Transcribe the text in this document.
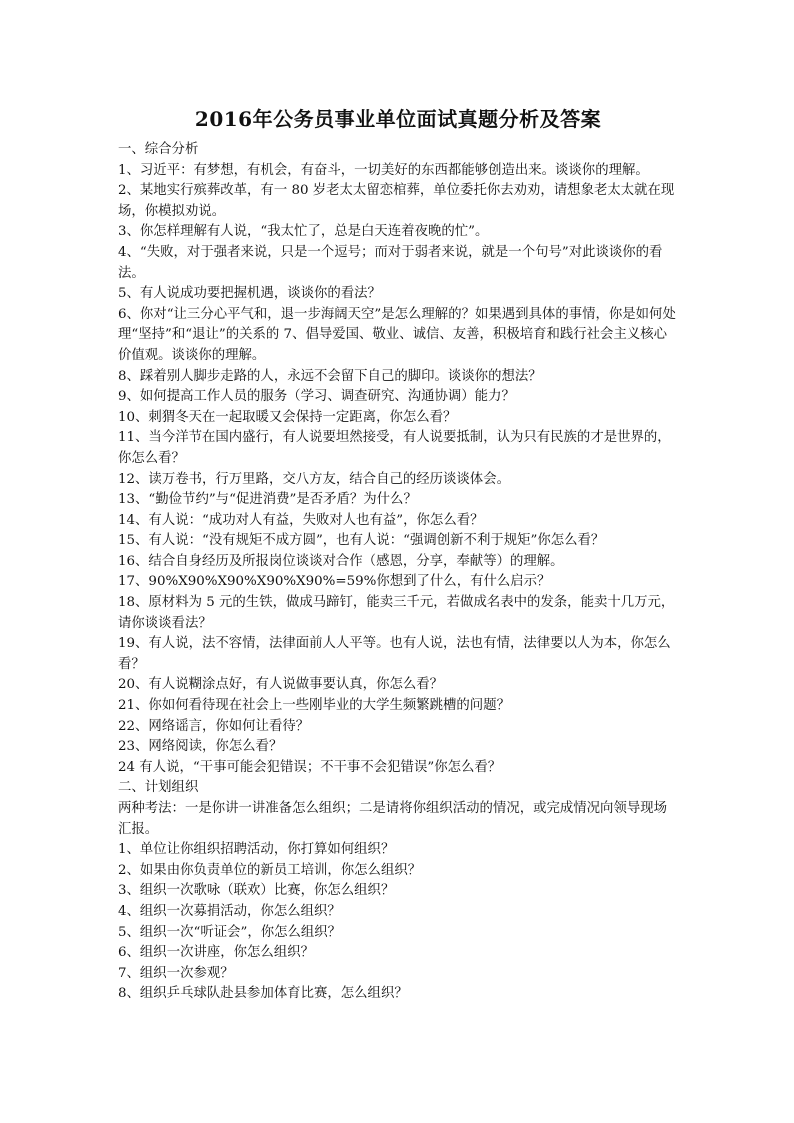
2016年公务员事业单位面试真题分析及答案

一、综合分析

1、习近平：有梦想，有机会，有奋斗，一切美好的东西都能够创造出来。谈谈你的理解。

2、某地实行殡葬改革，有一 80 岁老太太留恋棺葬，单位委托你去劝劝，请想象老太太就在现场，你模拟劝说。

3、你怎样理解有人说，“我太忙了，总是白天连着夜晚的忙”。

4、“失败，对于强者来说，只是一个逗号；而对于弱者来说，就是一个句号”对此谈谈你的看法。

5、有人说成功要把握机遇，谈谈你的看法？

6、你对“让三分心平气和，退一步海阔天空”是怎么理解的？如果遇到具体的事情，你是如何处理“坚持”和“退让”的关系的 7、倡导爱国、敬业、诚信、友善，积极培育和践行社会主义核心价值观。谈谈你的理解。

8、踩着别人脚步走路的人，永远不会留下自己的脚印。谈谈你的想法？

9、如何提高工作人员的服务（学习、调查研究、沟通协调）能力？

10、刺猬冬天在一起取暖又会保持一定距离，你怎么看？

11、当今洋节在国内盛行，有人说要坦然接受，有人说要抵制，认为只有民族的才是世界的，你怎么看？

12、读万卷书，行万里路，交八方友，结合自己的经历谈谈体会。

13、“勤俭节约”与“促进消费”是否矛盾？为什么？

14、有人说：“成功对人有益，失败对人也有益”，你怎么看？

15、有人说：“没有规矩不成方圆”，也有人说：“强调创新不利于规矩”你怎么看？

16、结合自身经历及所报岗位谈谈对合作（感恩，分享，奉献等）的理解。

17、90%X90%X90%X90%X90%=59%你想到了什么，有什么启示？

18、原材料为 5 元的生铁，做成马蹄钉，能卖三千元，若做成名表中的发条，能卖十几万元，请你谈谈看法？

19、有人说，法不容情，法律面前人人平等。也有人说，法也有情，法律要以人为本，你怎么看？

20、有人说糊涂点好，有人说做事要认真，你怎么看？

21、你如何看待现在社会上一些刚毕业的大学生频繁跳槽的问题？

22、网络谣言，你如何让看待？

23、网络阅读，你怎么看？

24 有人说，“干事可能会犯错误；不干事不会犯错误”你怎么看？

二、计划组织

两种考法：一是你讲一讲准备怎么组织；二是请将你组织活动的情况，或完成情况向领导现场汇报。

1、单位让你组织招聘活动，你打算如何组织？

2、如果由你负责单位的新员工培训，你怎么组织？

3、组织一次歌咏（联欢）比赛，你怎么组织？

4、组织一次募捐活动，你怎么组织？

5、组织一次“听证会”，你怎么组织？

6、组织一次讲座，你怎么组织？

7、组织一次参观？

8、组织乒乓球队赴县参加体育比赛，怎么组织？
